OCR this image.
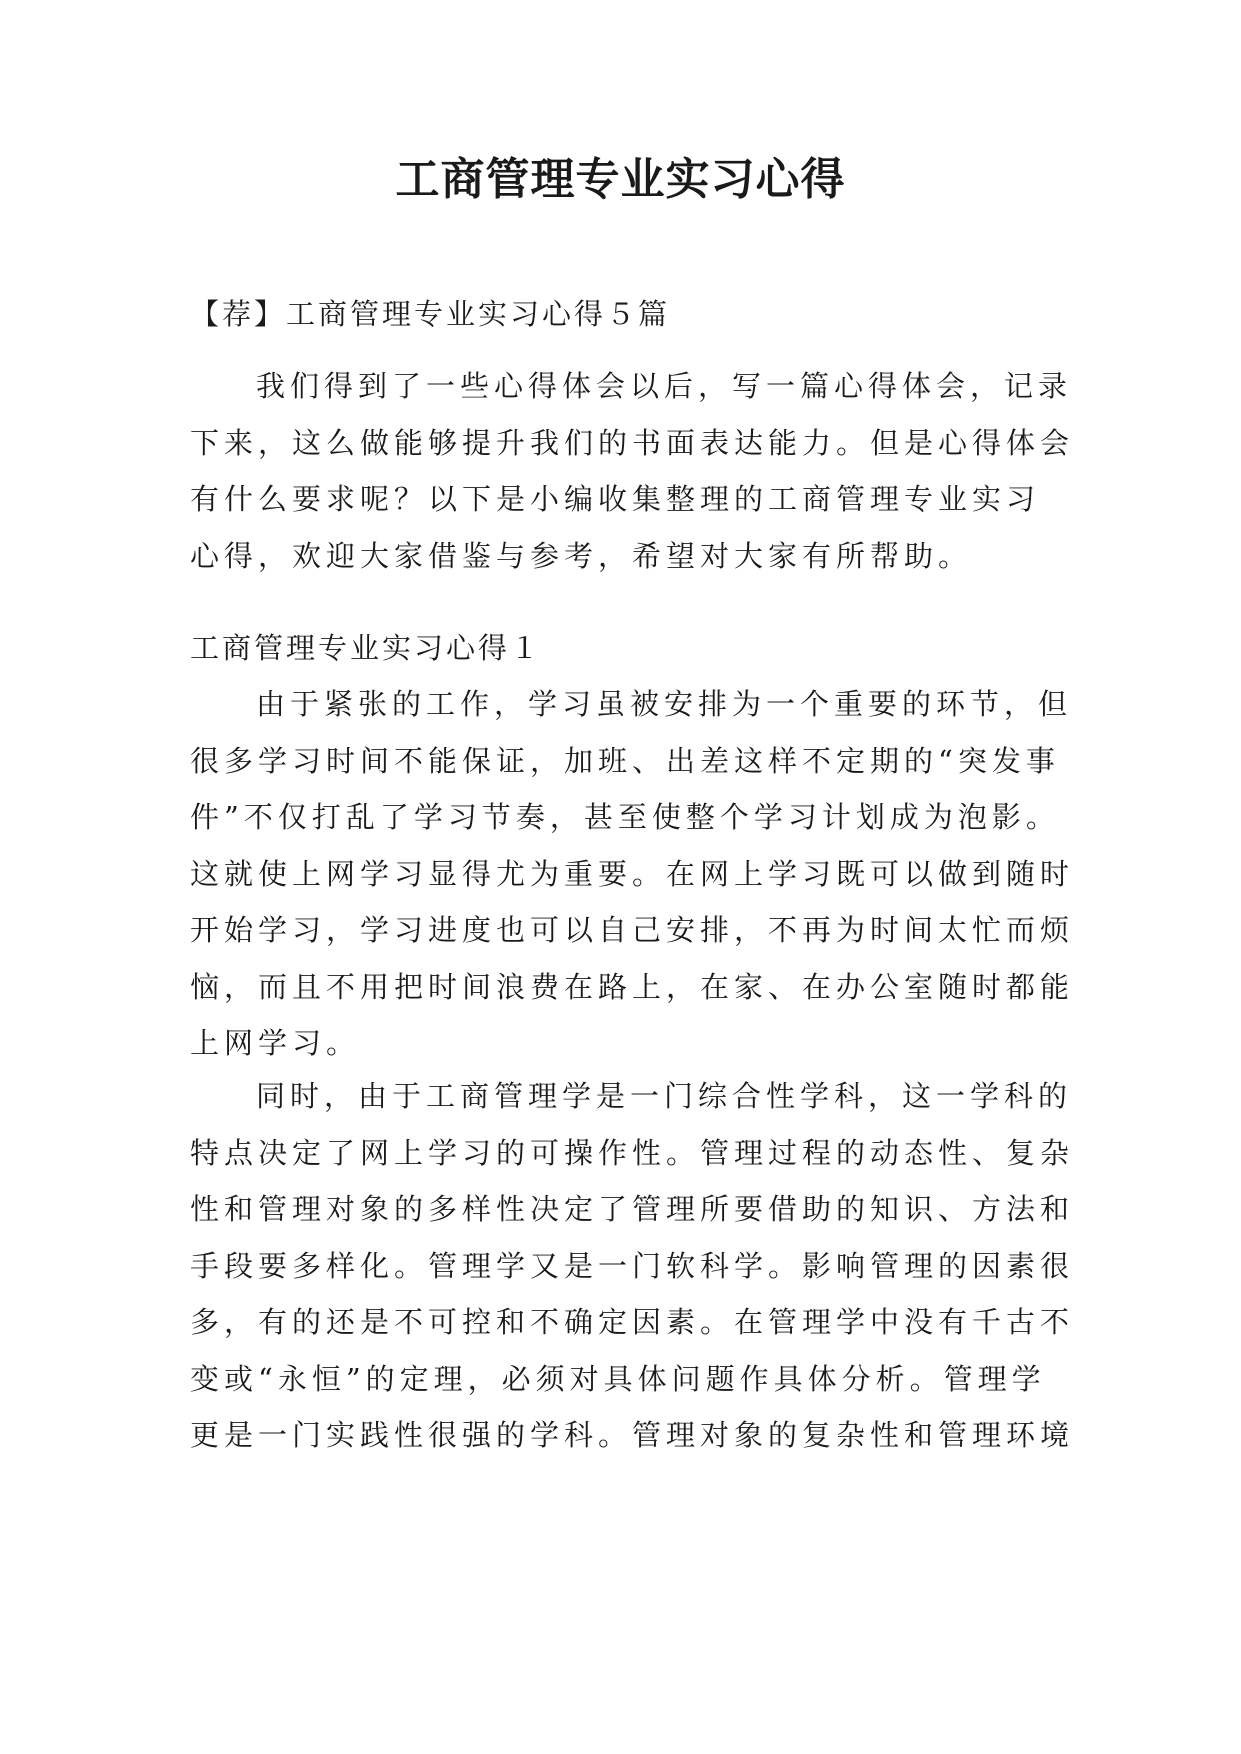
工商管理专业实习心得

【荐】工商管理专业实习心得５篇

我们得到了一些心得体会以后，写一篇心得体会，记录
下来，这么做能够提升我们的书面表达能力。但是心得体会
有什么要求呢？以下是小编收集整理的工商管理专业实习
心得，欢迎大家借鉴与参考，希望对大家有所帮助。
工商管理专业实习心得１
由于紧张的工作，学习虽被安排为一个重要的环节，但
很多学习时间不能保证，加班、出差这样不定期的“突发事
件”不仅打乱了学习节奏，甚至使整个学习计划成为泡影。
这就使上网学习显得尤为重要。在网上学习既可以做到随时
开始学习，学习进度也可以自己安排，不再为时间太忙而烦
恼，而且不用把时间浪费在路上，在家、在办公室随时都能
上网学习。
同时，由于工商管理学是一门综合性学科，这一学科的
特点决定了网上学习的可操作性。管理过程的动态性、复杂
性和管理对象的多样性决定了管理所要借助的知识、方法和
手段要多样化。管理学又是一门软科学。影响管理的因素很
多，有的还是不可控和不确定因素。在管理学中没有千古不
变或“永恒”的定理，必须对具体问题作具体分析。管理学
更是一门实践性很强的学科。管理对象的复杂性和管理环境
